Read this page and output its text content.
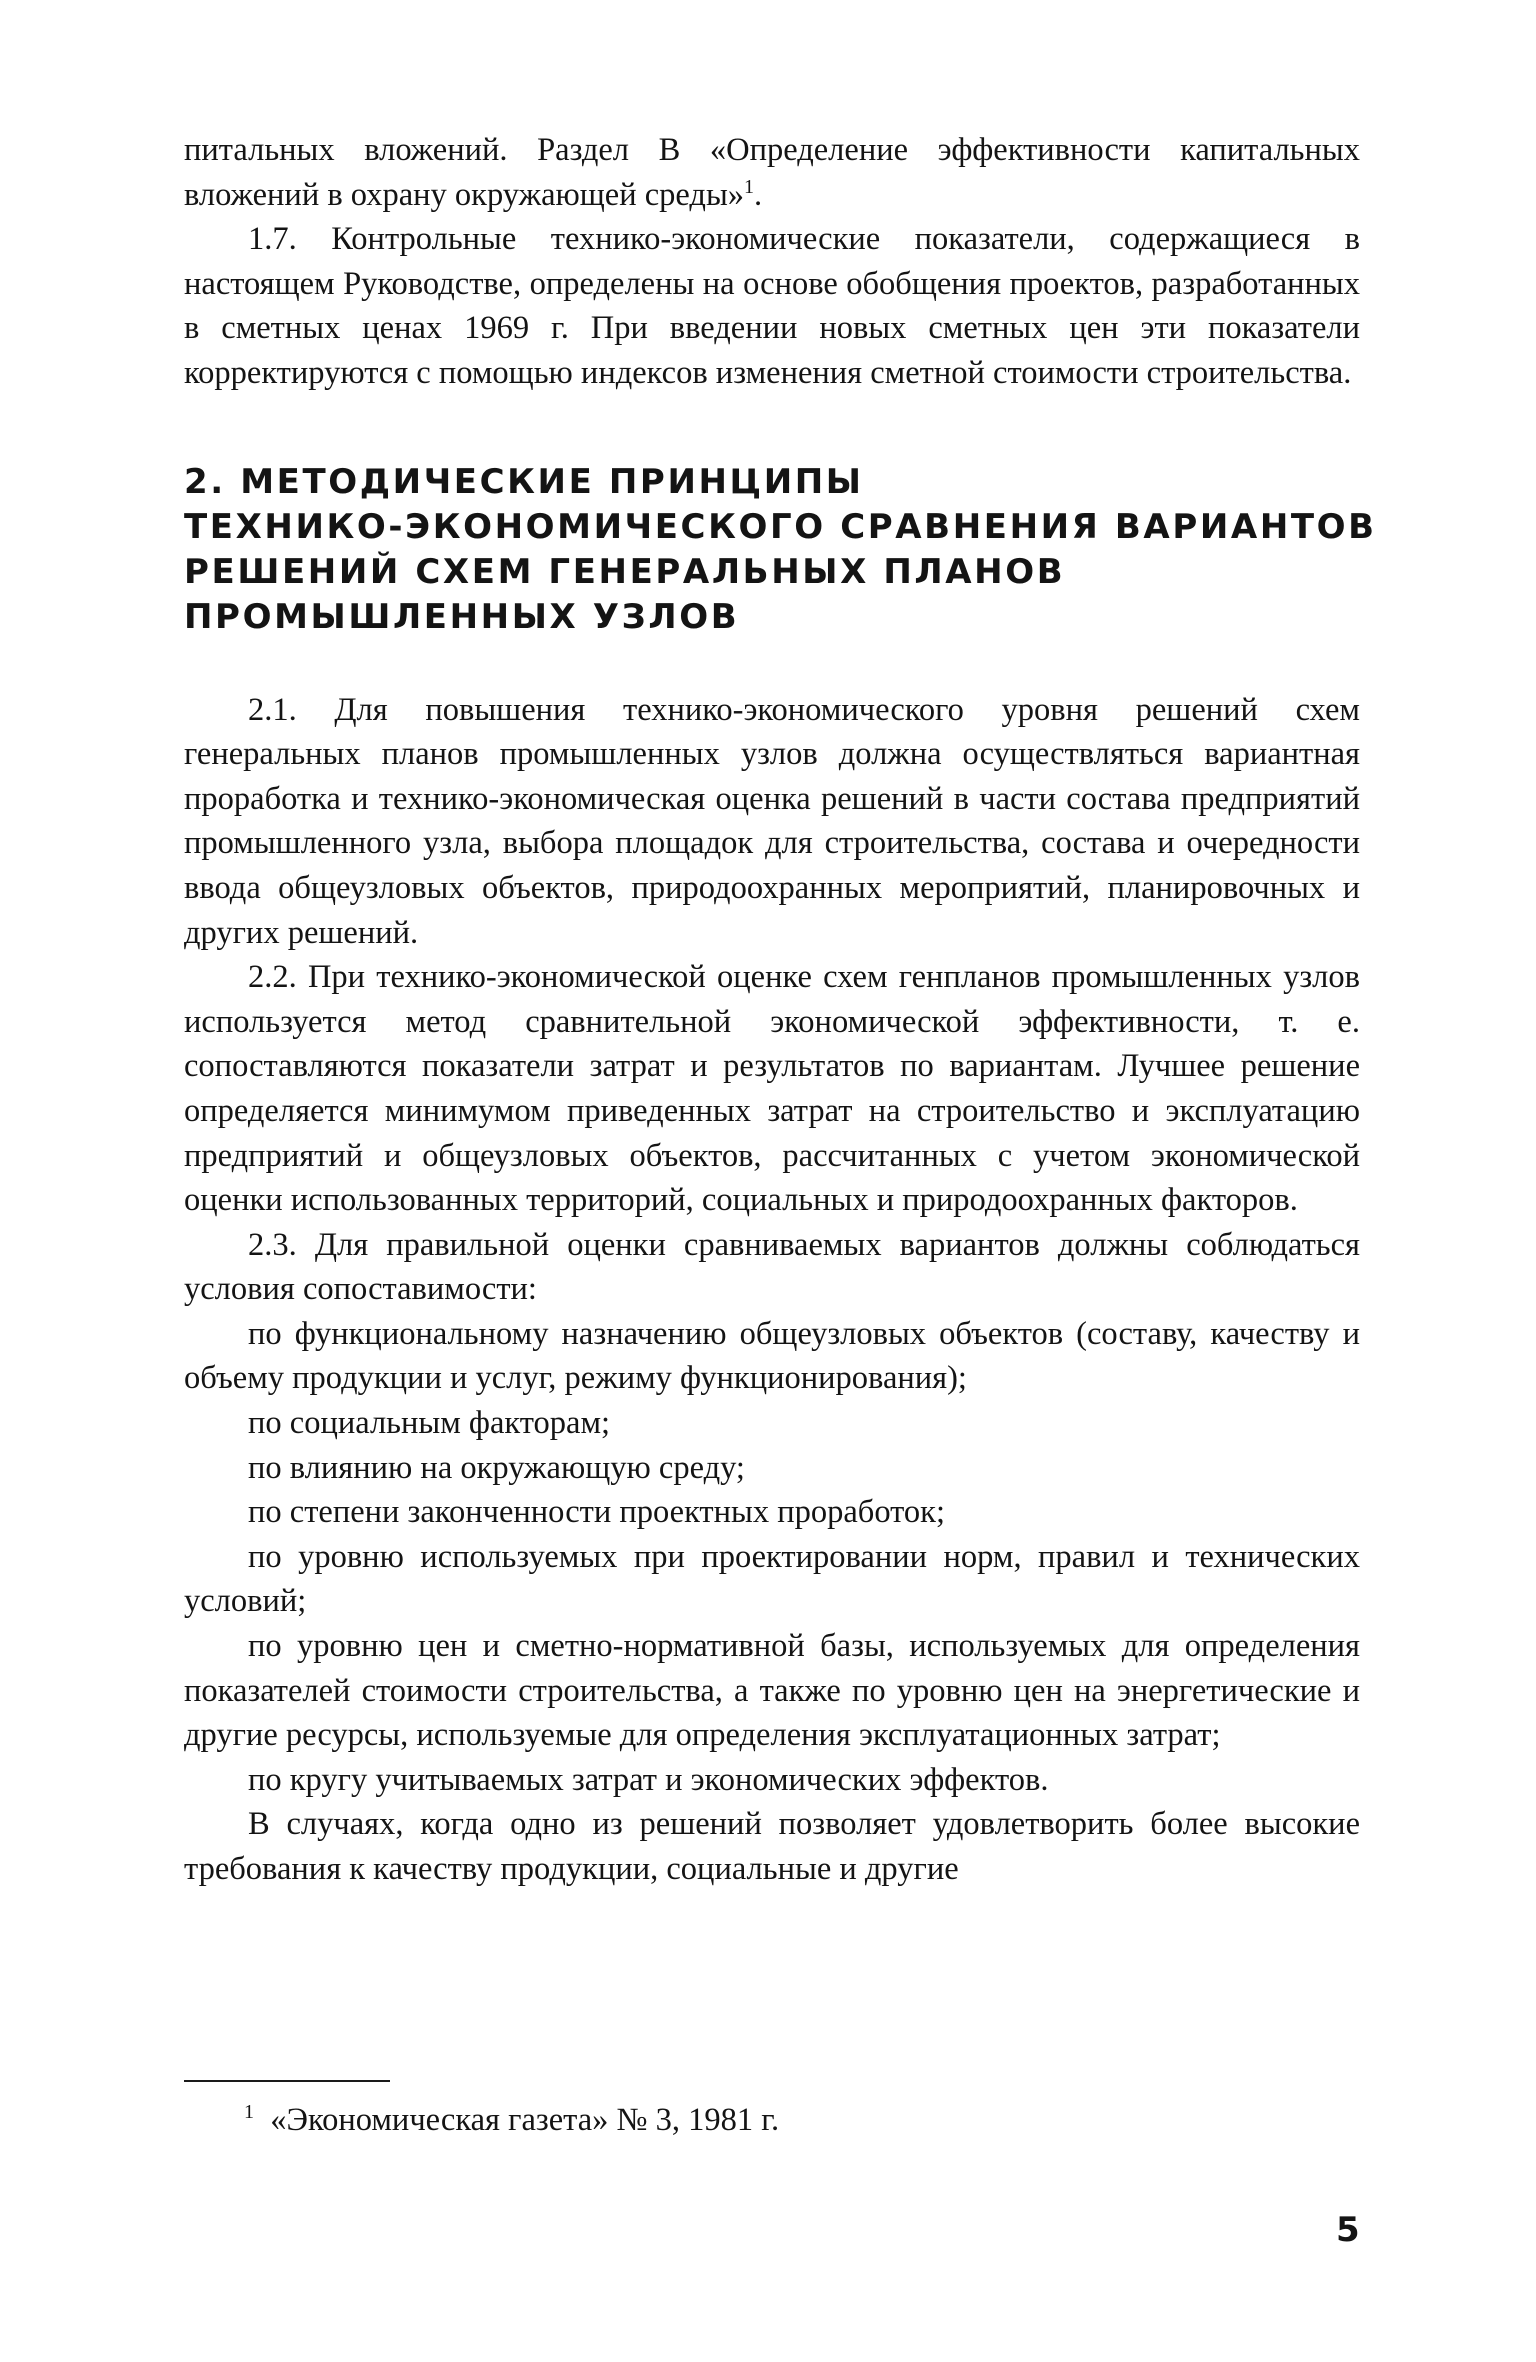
питальных вложений. Раздел В «Определение эффективности капитальных вложений в охрану окружающей среды»$^1$.

1.7. Контрольные технико-экономические показатели, содержащиеся в настоящем Руководстве, определены на основе обобщения проектов, разработанных в сметных ценах 1969 г. При введении новых сметных цен эти показатели корректируются с помощью индексов изменения сметной стоимости строительства.

2. МЕТОДИЧЕСКИЕ ПРИНЦИПЫ
ТЕХНИКО-ЭКОНОМИЧЕСКОГО СРАВНЕНИЯ ВАРИАНТОВ
РЕШЕНИЙ СХЕМ ГЕНЕРАЛЬНЫХ ПЛАНОВ
ПРОМЫШЛЕННЫХ УЗЛОВ

2.1. Для повышения технико-экономического уровня решений схем генеральных планов промышленных узлов должна осуществляться вариантная проработка и технико-экономическая оценка решений в части состава предприятий промышленного узла, выбора площадок для строительства, состава и очередности ввода общеузловых объектов, природоохранных мероприятий, планировочных и других решений.

2.2. При технико-экономической оценке схем генпланов промышленных узлов используется метод сравнительной экономической эффективности, т. е. сопоставляются показатели затрат и результатов по вариантам. Лучшее решение определяется минимумом приведенных затрат на строительство и эксплуатацию предприятий и общеузловых объектов, рассчитанных с учетом экономической оценки использованных территорий, социальных и природоохранных факторов.

2.3. Для правильной оценки сравниваемых вариантов должны соблюдаться условия сопоставимости:

по функциональному назначению общеузловых объектов (составу, качеству и объему продукции и услуг, режиму функционирования);

по социальным факторам;

по влиянию на окружающую среду;

по степени законченности проектных проработок;

по уровню используемых при проектировании норм, правил и технических условий;

по уровню цен и сметно-нормативной базы, используемых для определения показателей стоимости строительства, а также по уровню цен на энергетические и другие ресурсы, используемые для определения эксплуатационных затрат;

по кругу учитываемых затрат и экономических эффектов.

В случаях, когда одно из решений позволяет удовлетворить более высокие требования к качеству продукции, социальные и другие

$^1$ «Экономическая газета» № 3, 1981 г.
5
